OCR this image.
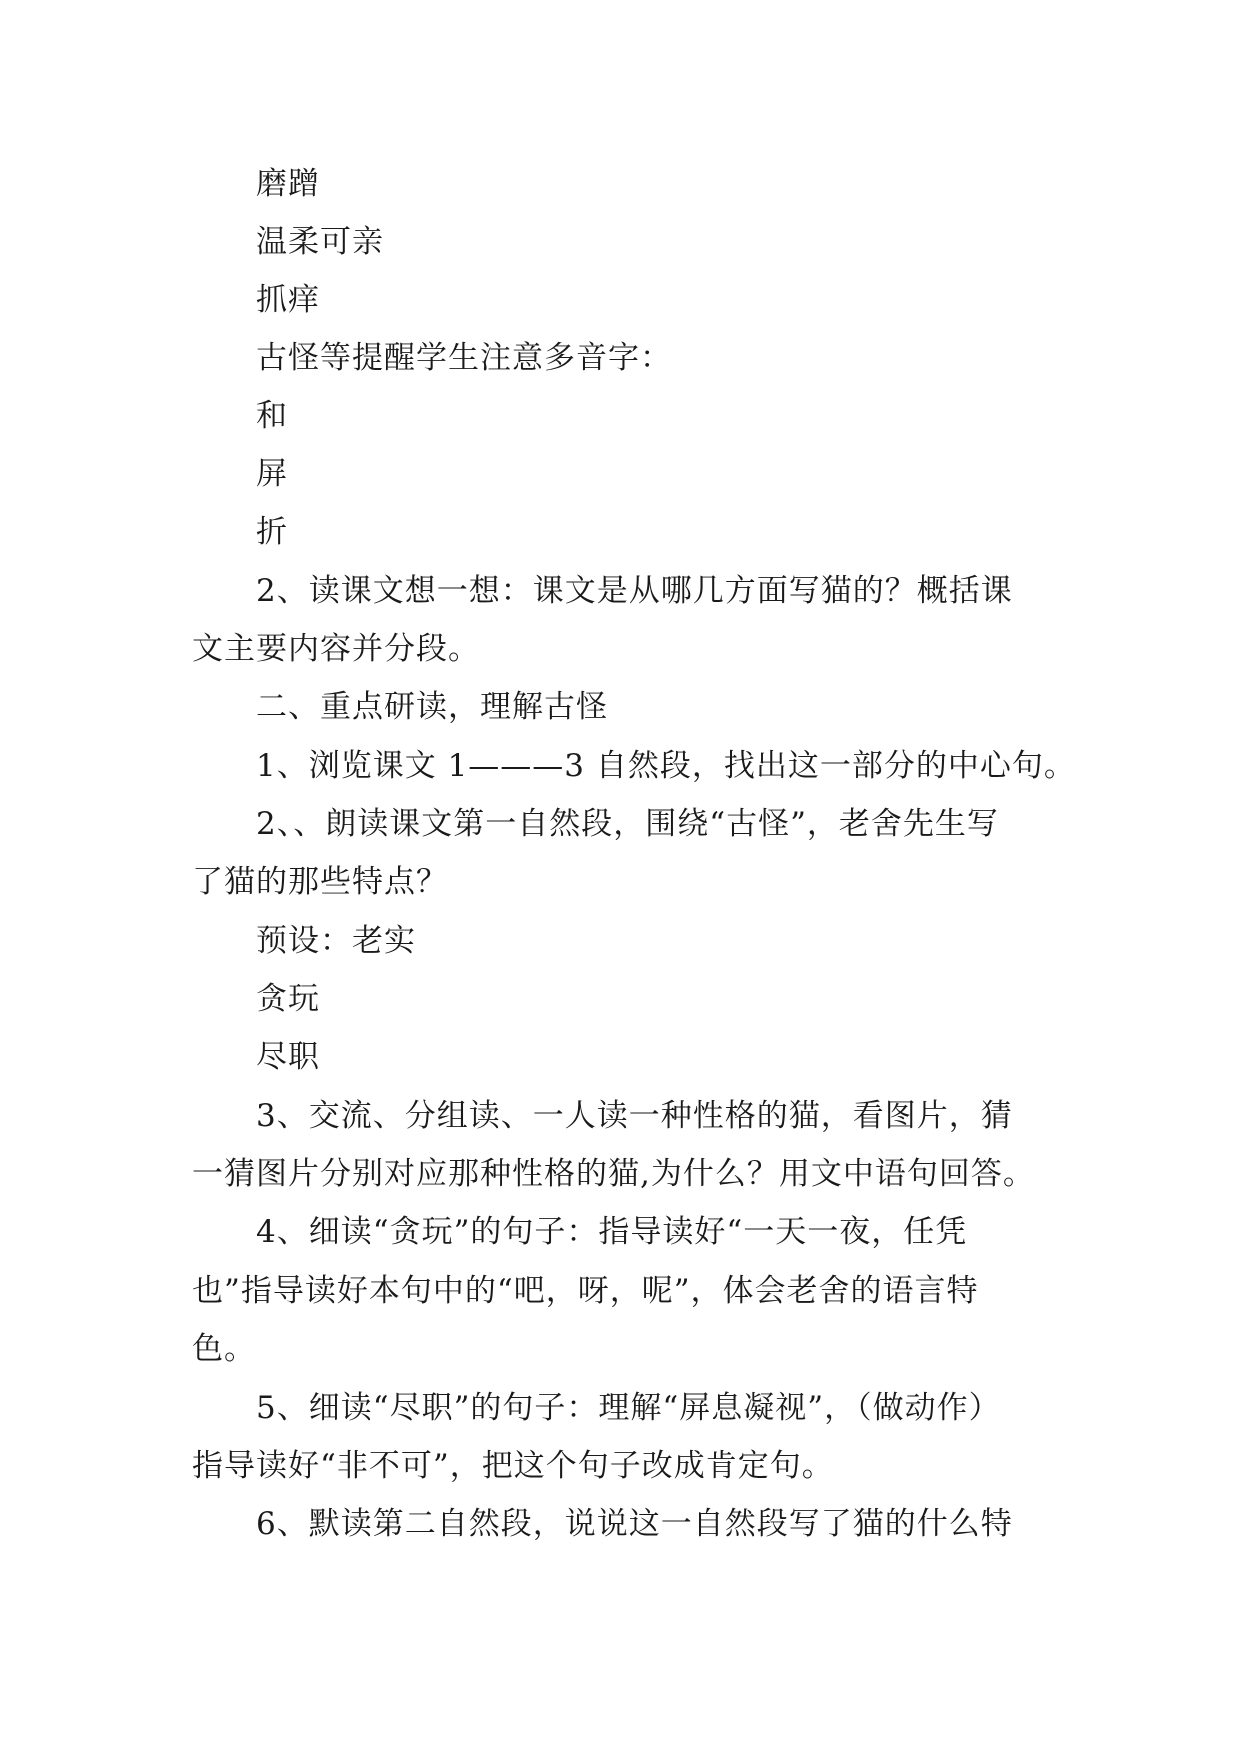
磨蹭
温柔可亲
抓痒
古怪等提醒学生注意多音字：
和
屏
折
2、读课文想一想：课文是从哪几方面写猫的？概括课
文主要内容并分段。
二、重点研读，理解古怪
1、浏览课文 1———3 自然段，找出这一部分的中心句。
2、、朗读课文第一自然段，围绕“古怪”，老舍先生写
了猫的那些特点？
预设：老实
贪玩
尽职
3、交流、分组读、一人读一种性格的猫，看图片，猜
一猜图片分别对应那种性格的猫,为什么？用文中语句回答。
4、细读“贪玩”的句子：指导读好“一天一夜，任凭
也”指导读好本句中的“吧，呀，呢”，体会老舍的语言特
色。
5、细读“尽职”的句子：理解“屏息凝视”，（做动作）
指导读好“非不可”，把这个句子改成肯定句。
6、默读第二自然段，说说这一自然段写了猫的什么特
